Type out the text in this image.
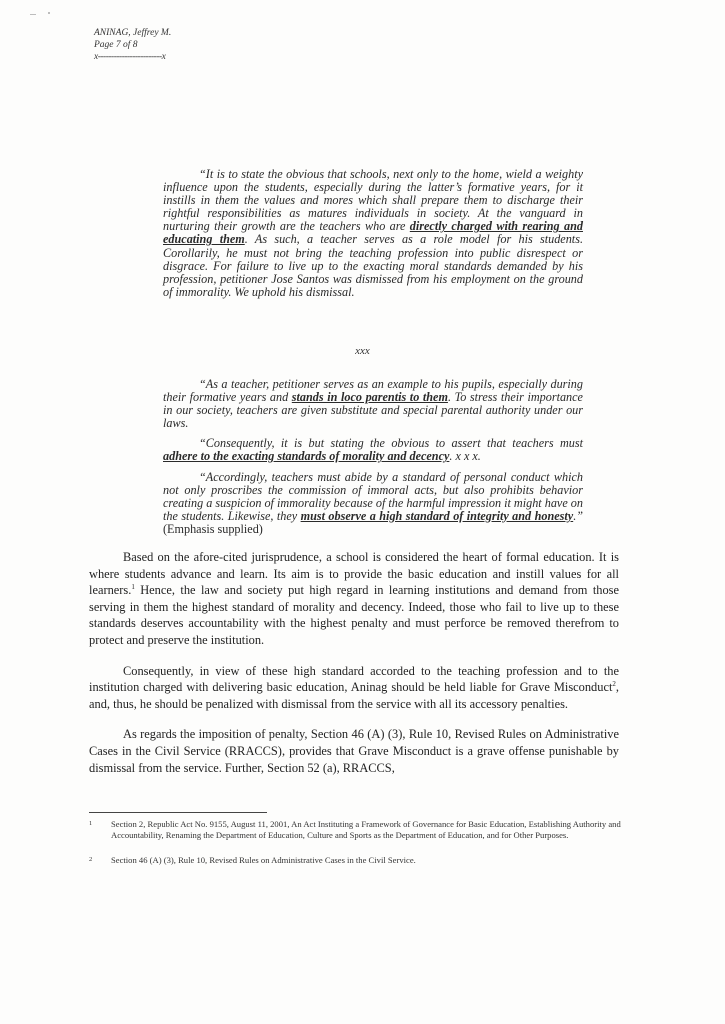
ANINAG, Jeffrey M.
Page 7 of 8
x------------------------x

“It is to state the obvious that schools, next only to the home, wield a weighty influence upon the students, especially during the latter’s formative years, for it instills in them the values and mores which shall prepare them to discharge their rightful responsibilities as matures individuals in society. At the vanguard in nurturing their growth are the teachers who are directly charged with rearing and educating them. As such, a teacher serves as a role model for his students. Corollarily, he must not bring the teaching profession into public disrespect or disgrace. For failure to live up to the exacting moral standards demanded by his profession, petitioner Jose Santos was dismissed from his employment on the ground of immorality. We uphold his dismissal.

xxx

“As a teacher, petitioner serves as an example to his pupils, especially during their formative years and stands in loco parentis to them. To stress their importance in our society, teachers are given substitute and special parental authority under our laws.

“Consequently, it is but stating the obvious to assert that teachers must adhere to the exacting standards of morality and decency. x x x.

“Accordingly, teachers must abide by a standard of personal conduct which not only proscribes the commission of immoral acts, but also prohibits behavior creating a suspicion of immorality because of the harmful impression it might have on the students. Likewise, they must observe a high standard of integrity and honesty.” (Emphasis supplied)

Based on the afore-cited jurisprudence, a school is considered the heart of formal education. It is where students advance and learn. Its aim is to provide the basic education and instill values for all learners.$^1$ Hence, the law and society put high regard in learning institutions and demand from those serving in them the highest standard of morality and decency. Indeed, those who fail to live up to these standards deserves accountability with the highest penalty and must perforce be removed therefrom to protect and preserve the institution.

Consequently, in view of these high standard accorded to the teaching profession and to the institution charged with delivering basic education, Aninag should be held liable for Grave Misconduct$^2$, and, thus, he should be penalized with dismissal from the service with all its accessory penalties.

As regards the imposition of penalty, Section 46 (A) (3), Rule 10, Revised Rules on Administrative Cases in the Civil Service (RRACCS), provides that Grave Misconduct is a grave offense punishable by dismissal from the service. Further, Section 52 (a), RRACCS,

1 Section 2, Republic Act No. 9155, August 11, 2001, An Act Instituting a Framework of Governance for Basic Education, Establishing Authority and Accountability, Renaming the Department of Education, Culture and Sports as the Department of Education, and for Other Purposes.
2 Section 46 (A) (3), Rule 10, Revised Rules on Administrative Cases in the Civil Service.
